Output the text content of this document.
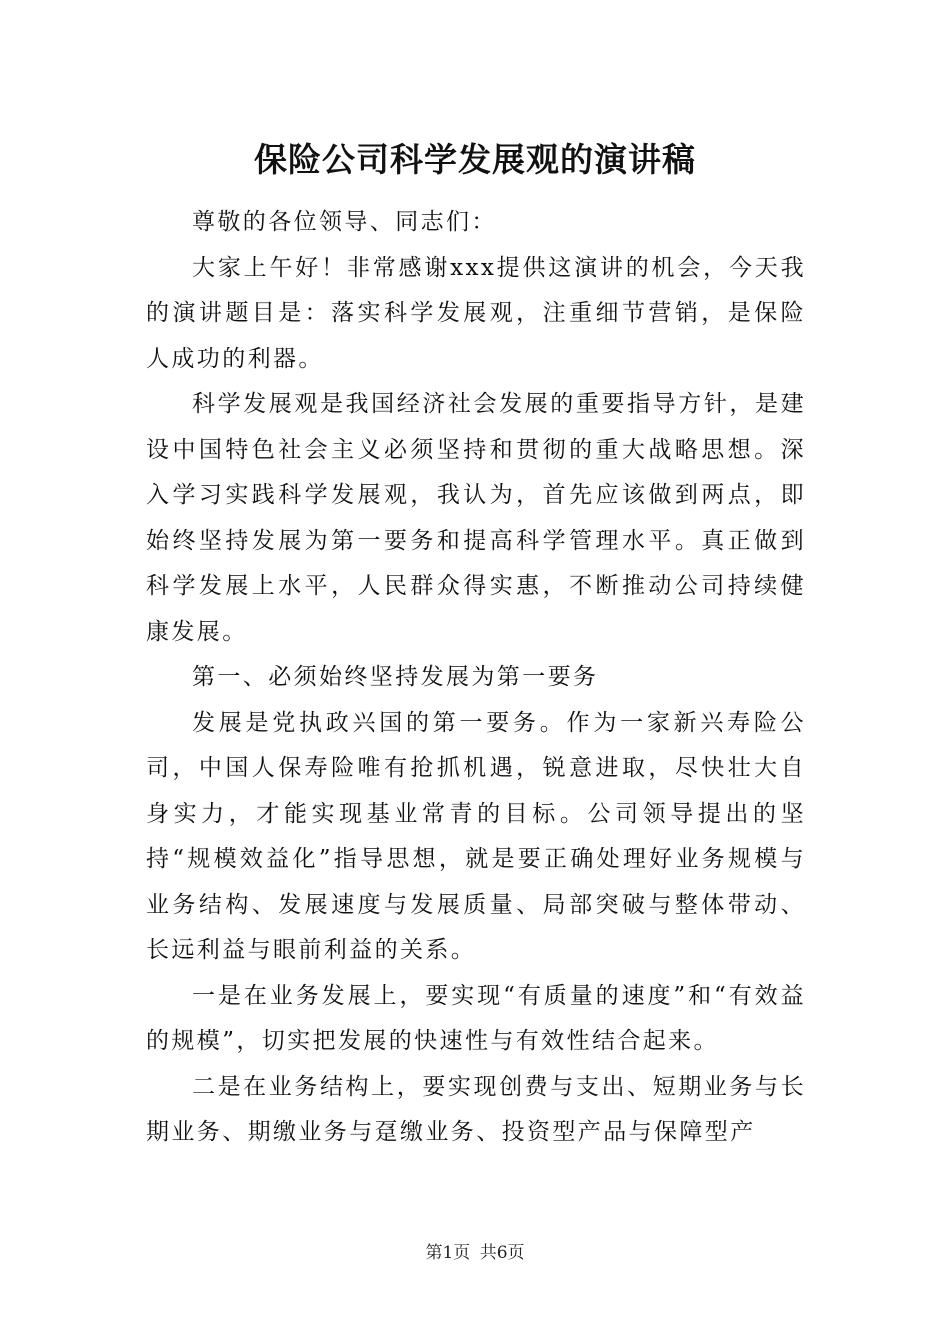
保险公司科学发展观的演讲稿

尊敬的各位领导、同志们：

大家上午好！非常感谢xxx提供这演讲的机会，今天我的演讲题目是：落实科学发展观，注重细节营销，是保险人成功的利器。

科学发展观是我国经济社会发展的重要指导方针，是建设中国特色社会主义必须坚持和贯彻的重大战略思想。深入学习实践科学发展观，我认为，首先应该做到两点，即始终坚持发展为第一要务和提高科学管理水平。真正做到科学发展上水平，人民群众得实惠，不断推动公司持续健康发展。

第一、必须始终坚持发展为第一要务

发展是党执政兴国的第一要务。作为一家新兴寿险公司，中国人保寿险唯有抢抓机遇，锐意进取，尽快壮大自身实力，才能实现基业常青的目标。公司领导提出的坚持“规模效益化”指导思想，就是要正确处理好业务规模与业务结构、发展速度与发展质量、局部突破与整体带动、长远利益与眼前利益的关系。

一是在业务发展上，要实现“有质量的速度”和“有效益的规模”，切实把发展的快速性与有效性结合起来。

二是在业务结构上，要实现创费与支出、短期业务与长期业务、期缴业务与趸缴业务、投资型产品与保障型产

第1页 共6页
